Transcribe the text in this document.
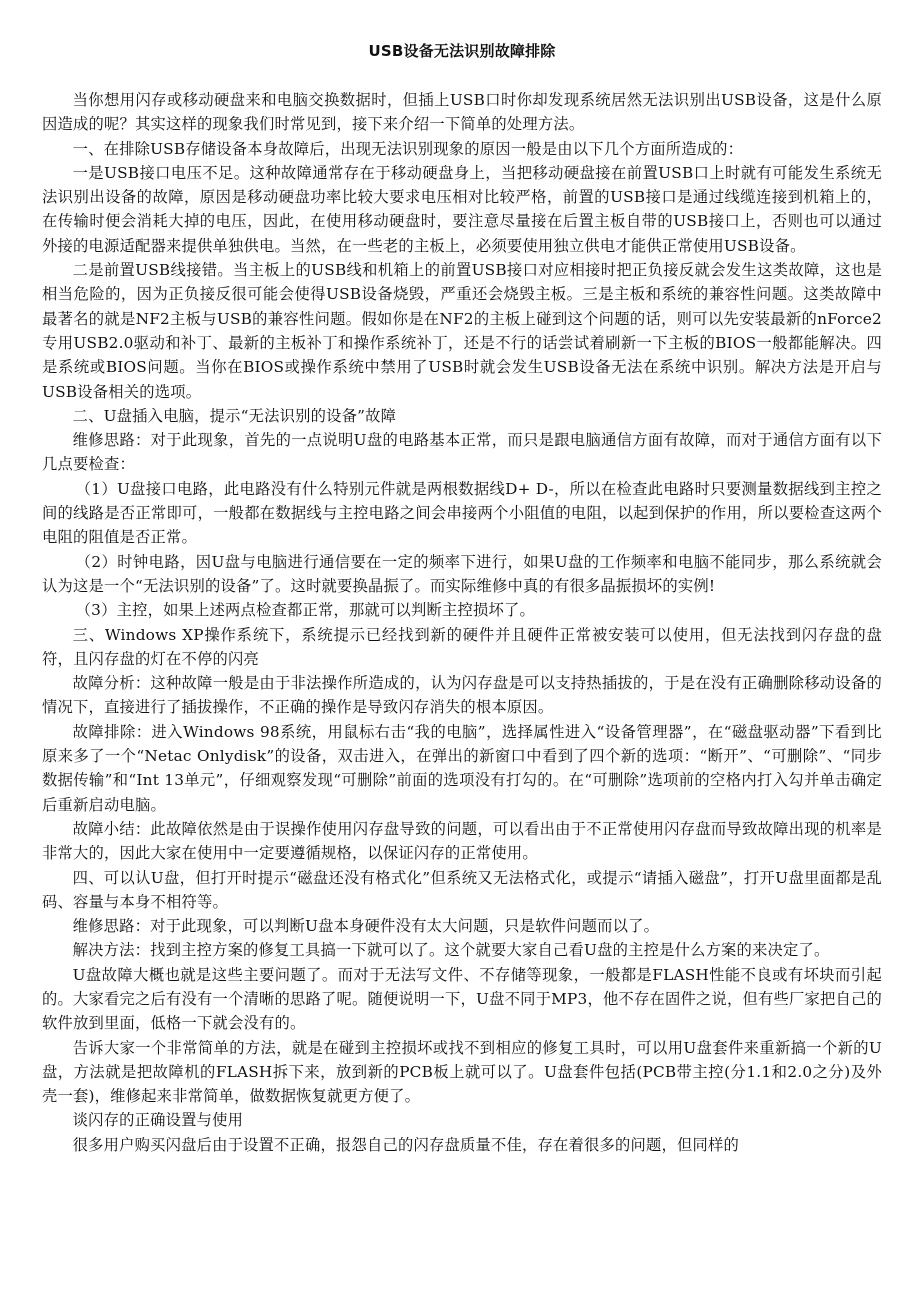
USB设备无法识别故障排除

当你想用闪存或移动硬盘来和电脑交换数据时，但插上USB口时你却发现系统居然无法识别出USB设备，这是什么原因造成的呢？其实这样的现象我们时常见到，接下来介绍一下简单的处理方法。

一、在排除USB存储设备本身故障后，出现无法识别现象的原因一般是由以下几个方面所造成的：

一是USB接口电压不足。这种故障通常存在于移动硬盘身上，当把移动硬盘接在前置USB口上时就有可能发生系统无法识别出设备的故障，原因是移动硬盘功率比较大要求电压相对比较严格，前置的USB接口是通过线缆连接到机箱上的，在传输时便会消耗大掉的电压，因此，在使用移动硬盘时，要注意尽量接在后置主板自带的USB接口上，否则也可以通过外接的电源适配器来提供单独供电。当然，在一些老的主板上，必须要使用独立供电才能供正常使用USB设备。

二是前置USB线接错。当主板上的USB线和机箱上的前置USB接口对应相接时把正负接反就会发生这类故障，这也是相当危险的，因为正负接反很可能会使得USB设备烧毁，严重还会烧毁主板。三是主板和系统的兼容性问题。这类故障中最著名的就是NF2主板与USB的兼容性问题。假如你是在NF2的主板上碰到这个问题的话，则可以先安装最新的nForce2专用USB2.0驱动和补丁、最新的主板补丁和操作系统补丁，还是不行的话尝试着刷新一下主板的BIOS一般都能解决。四是系统或BIOS问题。当你在BIOS或操作系统中禁用了USB时就会发生USB设备无法在系统中识别。解决方法是开启与USB设备相关的选项。

二、U盘插入电脑，提示“无法识别的设备”故障

维修思路：对于此现象，首先的一点说明U盘的电路基本正常，而只是跟电脑通信方面有故障，而对于通信方面有以下几点要检查：

（1）U盘接口电路，此电路没有什么特别元件就是两根数据线D+ D-，所以在检查此电路时只要测量数据线到主控之间的线路是否正常即可，一般都在数据线与主控电路之间会串接两个小阻值的电阻，以起到保护的作用，所以要检查这两个电阻的阻值是否正常。

（2）时钟电路，因U盘与电脑进行通信要在一定的频率下进行，如果U盘的工作频率和电脑不能同步，那么系统就会认为这是一个“无法识别的设备”了。这时就要换晶振了。而实际维修中真的有很多晶振损坏的实例!

（3）主控，如果上述两点检查都正常，那就可以判断主控损坏了。

三、Windows XP操作系统下，系统提示已经找到新的硬件并且硬件正常被安装可以使用，但无法找到闪存盘的盘符，且闪存盘的灯在不停的闪亮

故障分析：这种故障一般是由于非法操作所造成的，认为闪存盘是可以支持热插拔的，于是在没有正确删除移动设备的情况下，直接进行了插拔操作，不正确的操作是导致闪存消失的根本原因。

故障排除：进入Windows 98系统，用鼠标右击“我的电脑”，选择属性进入“设备管理器”，在“磁盘驱动器”下看到比原来多了一个“Netac Onlydisk”的设备，双击进入，在弹出的新窗口中看到了四个新的选项：“断开”、“可删除”、“同步数据传输”和“Int 13单元”，仔细观察发现“可删除”前面的选项没有打勾的。在“可删除”选项前的空格内打入勾并单击确定后重新启动电脑。

故障小结：此故障依然是由于误操作使用闪存盘导致的问题，可以看出由于不正常使用闪存盘而导致故障出现的机率是非常大的，因此大家在使用中一定要遵循规格，以保证闪存的正常使用。

四、可以认U盘，但打开时提示“磁盘还没有格式化”但系统又无法格式化，或提示“请插入磁盘”，打开U盘里面都是乱码、容量与本身不相符等。

维修思路：对于此现象，可以判断U盘本身硬件没有太大问题，只是软件问题而以了。

解决方法：找到主控方案的修复工具搞一下就可以了。这个就要大家自己看U盘的主控是什么方案的来决定了。

U盘故障大概也就是这些主要问题了。而对于无法写文件、不存储等现象，一般都是FLASH性能不良或有坏块而引起的。大家看完之后有没有一个清晰的思路了呢。随便说明一下，U盘不同于MP3，他不存在固件之说，但有些厂家把自己的软件放到里面，低格一下就会没有的。

告诉大家一个非常简单的方法，就是在碰到主控损坏或找不到相应的修复工具时，可以用U盘套件来重新搞一个新的U盘，方法就是把故障机的FLASH拆下来，放到新的PCB板上就可以了。U盘套件包括(PCB带主控(分1.1和2.0之分)及外壳一套)，维修起来非常简单，做数据恢复就更方便了。

谈闪存的正确设置与使用

很多用户购买闪盘后由于设置不正确，报怨自己的闪存盘质量不佳，存在着很多的问题，但同样的
